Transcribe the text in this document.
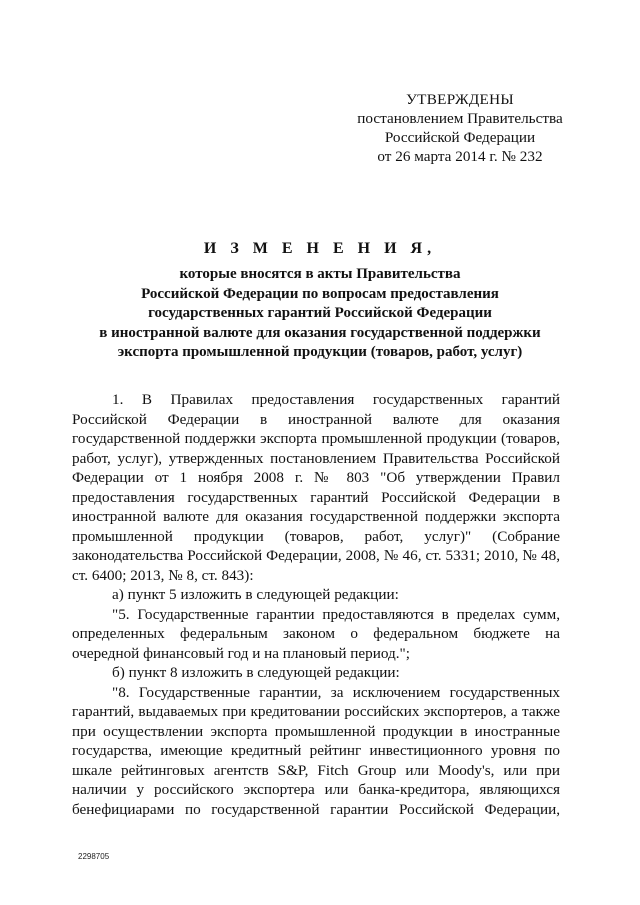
УТВЕРЖДЕНЫ
постановлением Правительства
Российской Федерации
от 26 марта 2014 г. № 232
И З М Е Н Е Н И Я,
которые вносятся в акты Правительства
Российской Федерации по вопросам предоставления
государственных гарантий Российской Федерации
в иностранной валюте для оказания государственной поддержки
экспорта промышленной продукции (товаров, работ, услуг)
1. В Правилах предоставления государственных гарантий
Российской Федерации в иностранной валюте для оказания
государственной поддержки экспорта промышленной продукции (товаров,
работ, услуг), утвержденных постановлением Правительства Российской
Федерации от 1 ноября 2008 г. № 803 "Об утверждении Правил
предоставления государственных гарантий Российской Федерации в
иностранной валюте для оказания государственной поддержки экспорта
промышленной продукции (товаров, работ, услуг)" (Собрание
законодательства Российской Федерации, 2008, № 46, ст. 5331; 2010, № 48,
ст. 6400; 2013, № 8, ст. 843):
а) пункт 5 изложить в следующей редакции:
"5. Государственные гарантии предоставляются в пределах сумм,
определенных федеральным законом о федеральном бюджете на
очередной финансовый год и на плановый период.";
б) пункт 8 изложить в следующей редакции:
"8. Государственные гарантии, за исключением государственных
гарантий, выдаваемых при кредитовании российских экспортеров, а также
при осуществлении экспорта промышленной продукции в иностранные
государства, имеющие кредитный рейтинг инвестиционного уровня по
шкале рейтинговых агентств S&P, Fitch Group или Moody's, или при
наличии у российского экспортера или банка-кредитора, являющихся
бенефициарами по государственной гарантии Российской Федерации,
2298705
